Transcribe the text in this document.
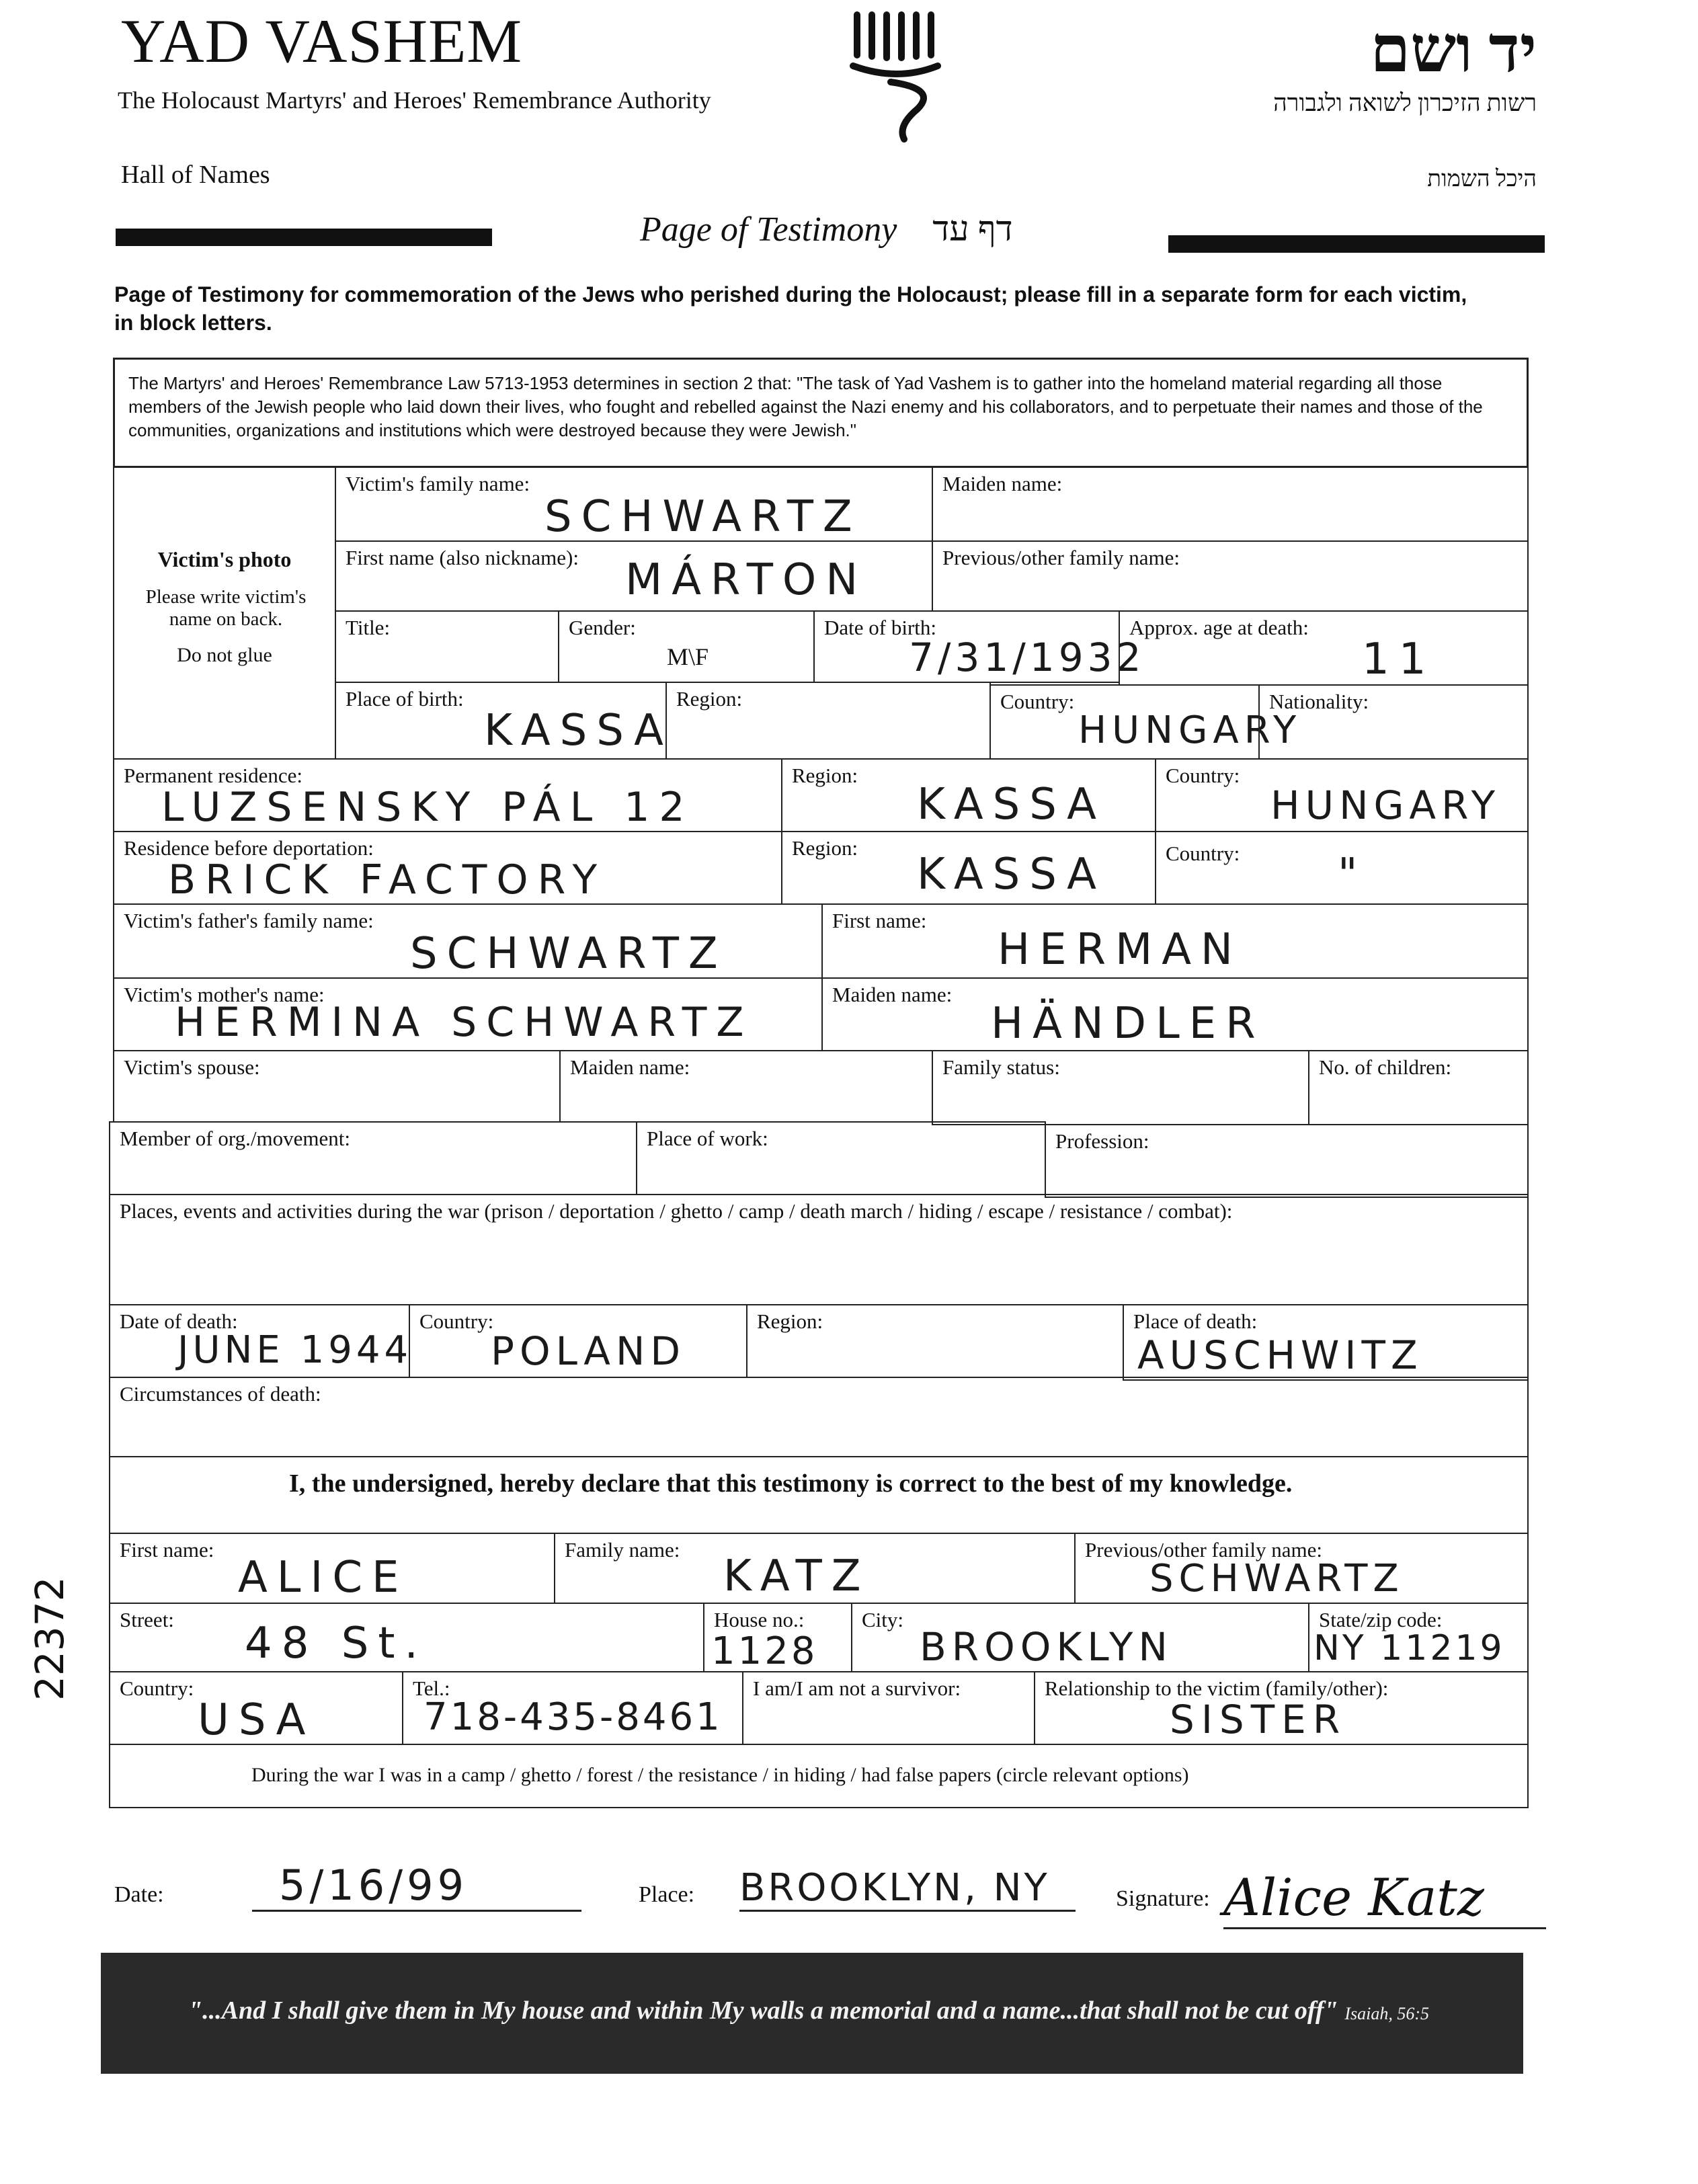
YAD VASHEM
The Holocaust Martyrs' and Heroes' Remembrance Authority
Hall of Names
יד ושם
רשות הזיכרון לשואה ולגבורה
היכל השמות
Page of Testimony דף עד
Page of Testimony for commemoration of the Jews who perished during the Holocaust; please fill in a separate form for each victim, in block letters.
The Martyrs' and Heroes' Remembrance Law 5713-1953 determines in section 2 that: "The task of Yad Vashem is to gather into the homeland material regarding all those members of the Jewish people who laid down their lives, who fought and rebelled against the Nazi enemy and his collaborators, and to perpetuate their names and those of the communities, organizations and institutions which were destroyed because they were Jewish."
Victim's photo
Please write victim's name on back.
Do not glue
Victim's family name:
SCHWARTZ
Maiden name:
First name (also nickname): MÁRTON	Previous/other family name:
Title:	Gender:
M\F
Date of birth:
7/31/1932
Approx. age at death:
11
Place of birth:
KASSA
Region:	Country:
HUNGARY
Nationality:
Permanent residence:
LUZSENSKY PÁL 12
Region:
KASSA
Country:
HUNGARY
Residence before deportation:
BRICK FACTORY
Region:
KASSA	Country: "
Victim's father's family name:
SCHWARTZ
First name:
HERMAN
Victim's mother's name:
HERMINA SCHWARTZ
Maiden name:
HÄNDLER
Victim's spouse:	Maiden name:	Family status:	No. of children:
Member of org./movement:	Place of work:	Profession:
Places, events and activities during the war (prison / deportation / ghetto / camp / death march / hiding / escape / resistance / combat):
Date of death:
JUNE 1944
Country:
POLAND
Region:	Place of death:
AUSCHWITZ
Circumstances of death:
I, the undersigned, hereby declare that this testimony is correct to the best of my knowledge.
First name:
ALICE
Family name:
KATZ
Previous/other family name:
SCHWARTZ
Street: 48 St.	House no.:
1128
City:
BROOKLYN
State/zip code:
NY 11219
Country:
USA
Tel.:
718-435-8461
I am/I am not a survivor:	Relationship to the victim (family/other):
SISTER
During the war I was in a camp / ghetto / forest / the resistance / in hiding / had false papers (circle relevant options)
Date:	5/16/99	Place: BROOKLYN, NY	Signature: Alice Katz
"...And I shall give them in My house and within My walls a memorial and a name...that shall not be cut off" Isaiah, 56:5
22372
